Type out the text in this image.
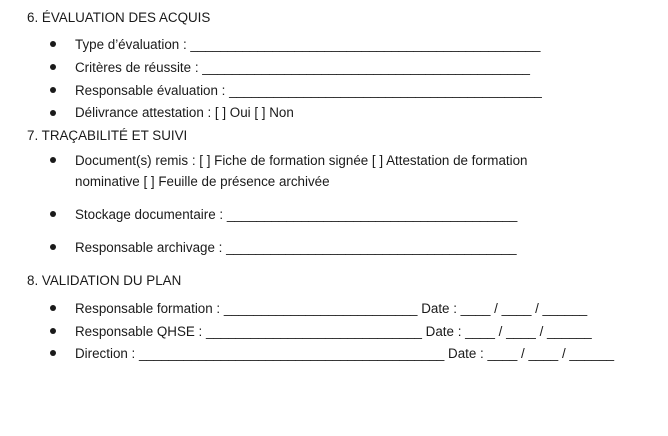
6. ÉVALUATION DES ACQUIS
Type d’évaluation : _______________________________________________
Critères de réussite : ____________________________________________
Responsable évaluation : __________________________________________
Délivrance attestation : [ ] Oui [ ] Non
7. TRAÇABILITÉ ET SUIVI
Document(s) remis : [ ] Fiche de formation signée [ ] Attestation de formation nominative [ ] Feuille de présence archivée
Stockage documentaire : _______________________________________
Responsable archivage : _______________________________________
8. VALIDATION DU PLAN
Responsable formation : __________________________ Date : ____ / ____ / ______
Responsable QHSE : _____________________________ Date : ____ / ____ / ______
Direction : _________________________________________ Date : ____ / ____ / ______
